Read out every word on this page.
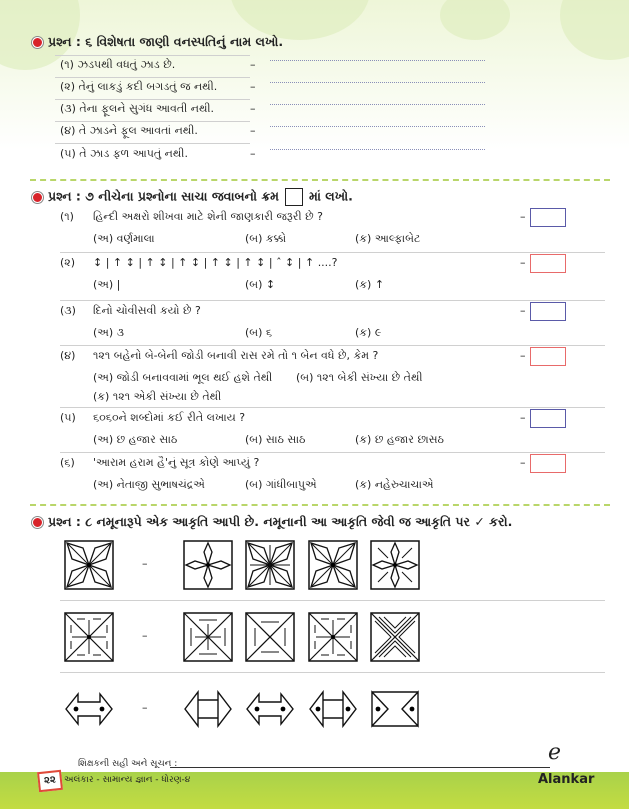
પ્રશ્ન : ૬ વિશેષતા જાણી વનસ્પતિનું નામ લખો.
(૧) ઝડપથી વધતું ઝાડ છે.	–
(૨) તેનું લાકડું કદી બગડતું જ નથી.	–
(૩) તેના ફૂલને સુગંધ આવતી નથી.	–
(૪) તે ઝાડને ફૂલ આવતાં નથી.	–
(૫) તે ઝાડ ફળ આપતું નથી.	–
પ્રશ્ન : ૭ નીચેના પ્રશ્નોના સાચા જવાબનો ક્રમ માં લખો.
(૧) હિન્દી અક્ષરો શીખવા માટે શેની જાણકારી જરૂરી છે ?	–
(અ) વર્ણમાલા	(બ) કક્કો	(ક) આલ્ફાબેટ
(૨) ↕ | ↑ ↕ | ↑ ↕ | ↑ ↕ | ↑ ↕ | ↑ ↕ | ˆ ↕ | ↑ ....?	–
(અ) |	(બ) ↕	(ક) ↑
(૩) દિનો ચોવીસવી કયો છે ?	–
(અ) ૩	(બ) ૬	(ક) ૯
(૪) ૧૨૧ બહેનો બે-બેની જોડી બનાવી રાસ રમે તો ૧ બેન વધે છે, કેમ ?	–
(અ) જોડી બનાવવામાં ભૂલ થઈ હશે તેથી (બ) ૧૨૧ બેકી સંખ્યા છે તેથી
(ક) ૧૨૧ એકી સંખ્યા છે તેથી
(૫) ૬૦૬૦ને શબ્દોમાં કઈ રીતે લખાય ?	–
(અ) છ હજાર સાઠ	(બ) સાઠ સાઠ	(ક) છ હજાર છાસઠ
(૬) 'આરામ હરામ હૈ'નું સૂત્ર કોણે આપ્યું ?	–
(અ) નેતાજી સુભાષચંદ્રએ	(બ) ગાંધીબાપુએ	(ક) નહેરુચાચાએ
પ્રશ્ન : ૮ નમૂનારૂપે એક આકૃતિ આપી છે. નમૂનાની આ આકૃતિ જેવી જ આકૃતિ પર ✓ કરો.
–
–
–
શિક્ષકની સહી અને સૂચન :	ℯ
૨૨ અલંકાર - સામાન્ય જ્ઞાન - ધોરણ-૪	Alankar
